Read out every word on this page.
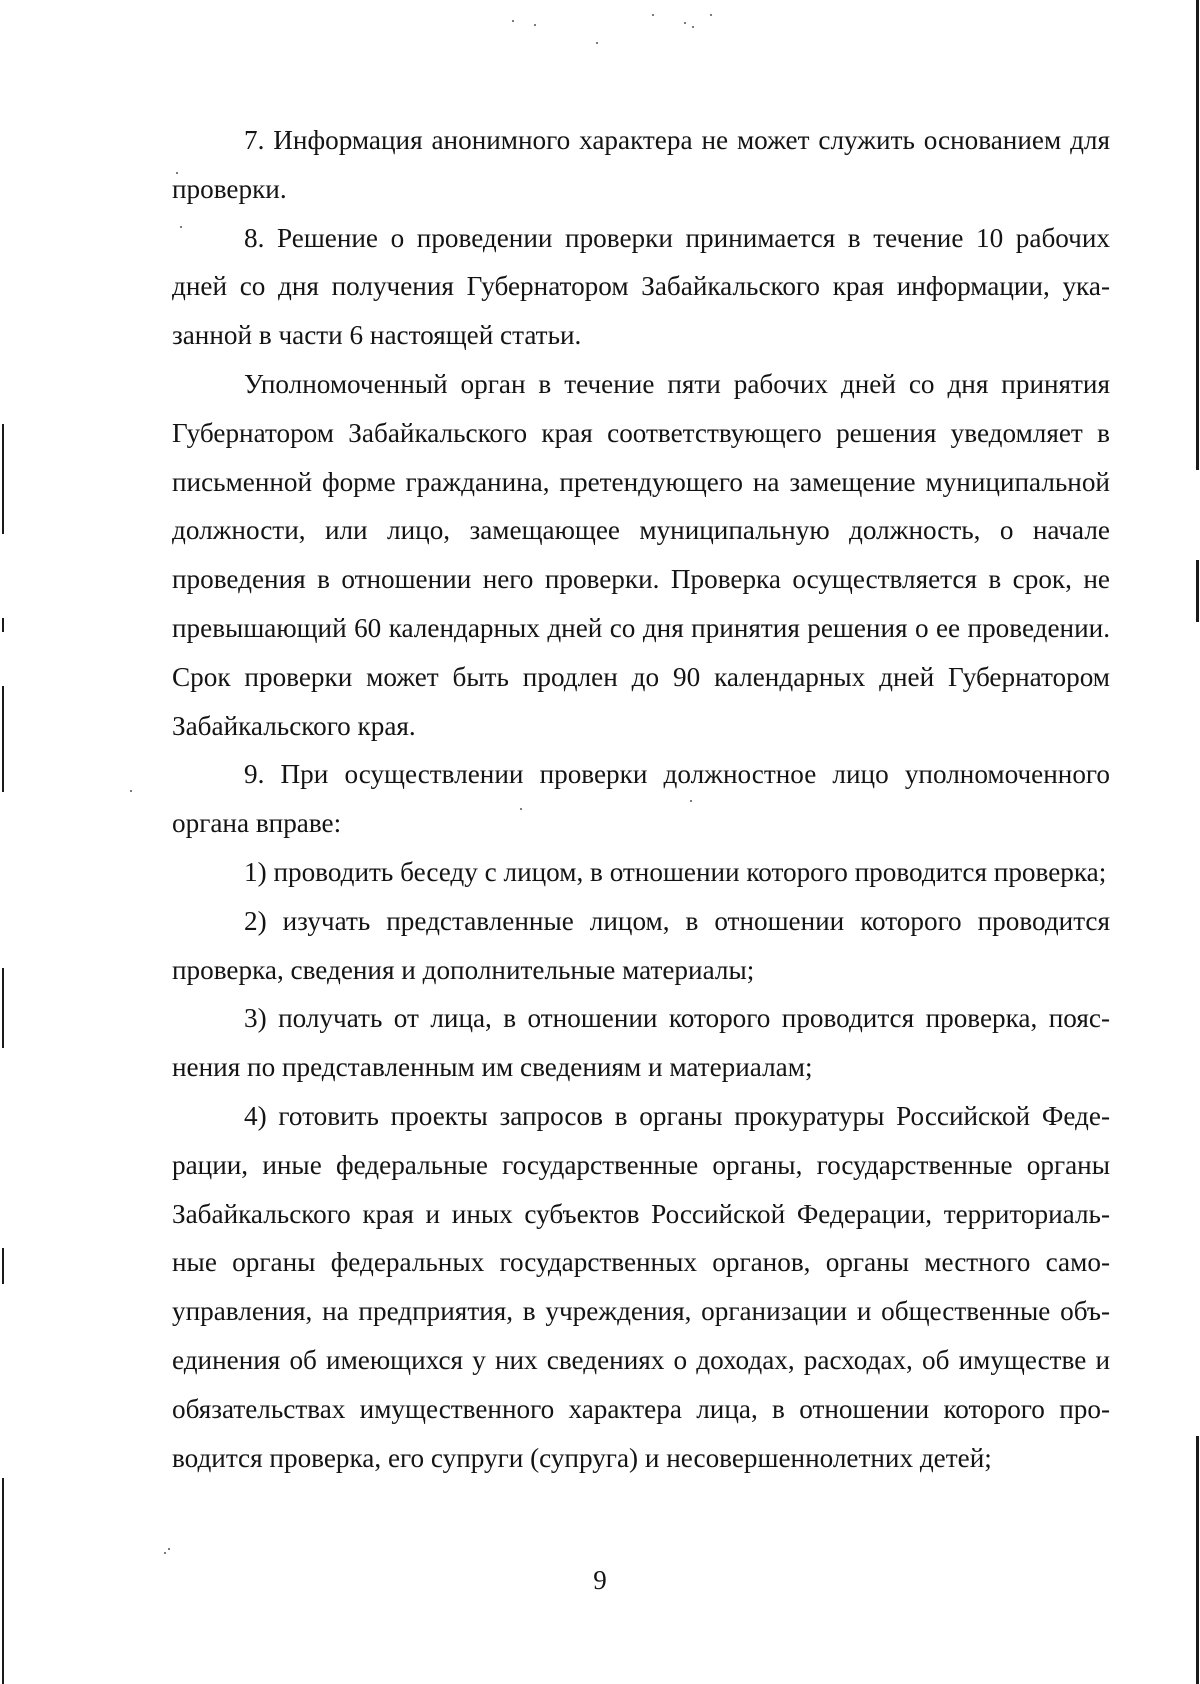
7. Информация анонимного характера не может служить основанием для проверки.

8. Решение о проведении проверки принимается в течение 10 рабочих дней со дня получения Губернатором Забайкальского края информации, указанной в части 6 настоящей статьи.

Уполномоченный орган в течение пяти рабочих дней со дня принятия Губернатором Забайкальского края соответствующего решения уведомляет в письменной форме гражданина, претендующего на замещение муниципальной должности, или лицо, замещающее муниципальную должность, о начале проведения в отношении него проверки. Проверка осуществляется в срок, не превышающий 60 календарных дней со дня принятия решения о ее проведении. Срок проверки может быть продлен до 90 календарных дней Губернатором Забайкальского края.

9. При осуществлении проверки должностное лицо уполномоченного органа вправе:

1) проводить беседу с лицом, в отношении которого проводится проверка;

2) изучать представленные лицом, в отношении которого проводится проверка, сведения и дополнительные материалы;

3) получать от лица, в отношении которого проводится проверка, пояснения по представленным им сведениям и материалам;

4) готовить проекты запросов в органы прокуратуры Российской Федерации, иные федеральные государственные органы, государственные органы Забайкальского края и иных субъектов Российской Федерации, территориальные органы федеральных государственных органов, органы местного самоуправления, на предприятия, в учреждения, организации и общественные объединения об имеющихся у них сведениях о доходах, расходах, об имуществе и обязательствах имущественного характера лица, в отношении которого проводится проверка, его супруги (супруга) и несовершеннолетних детей;

9
